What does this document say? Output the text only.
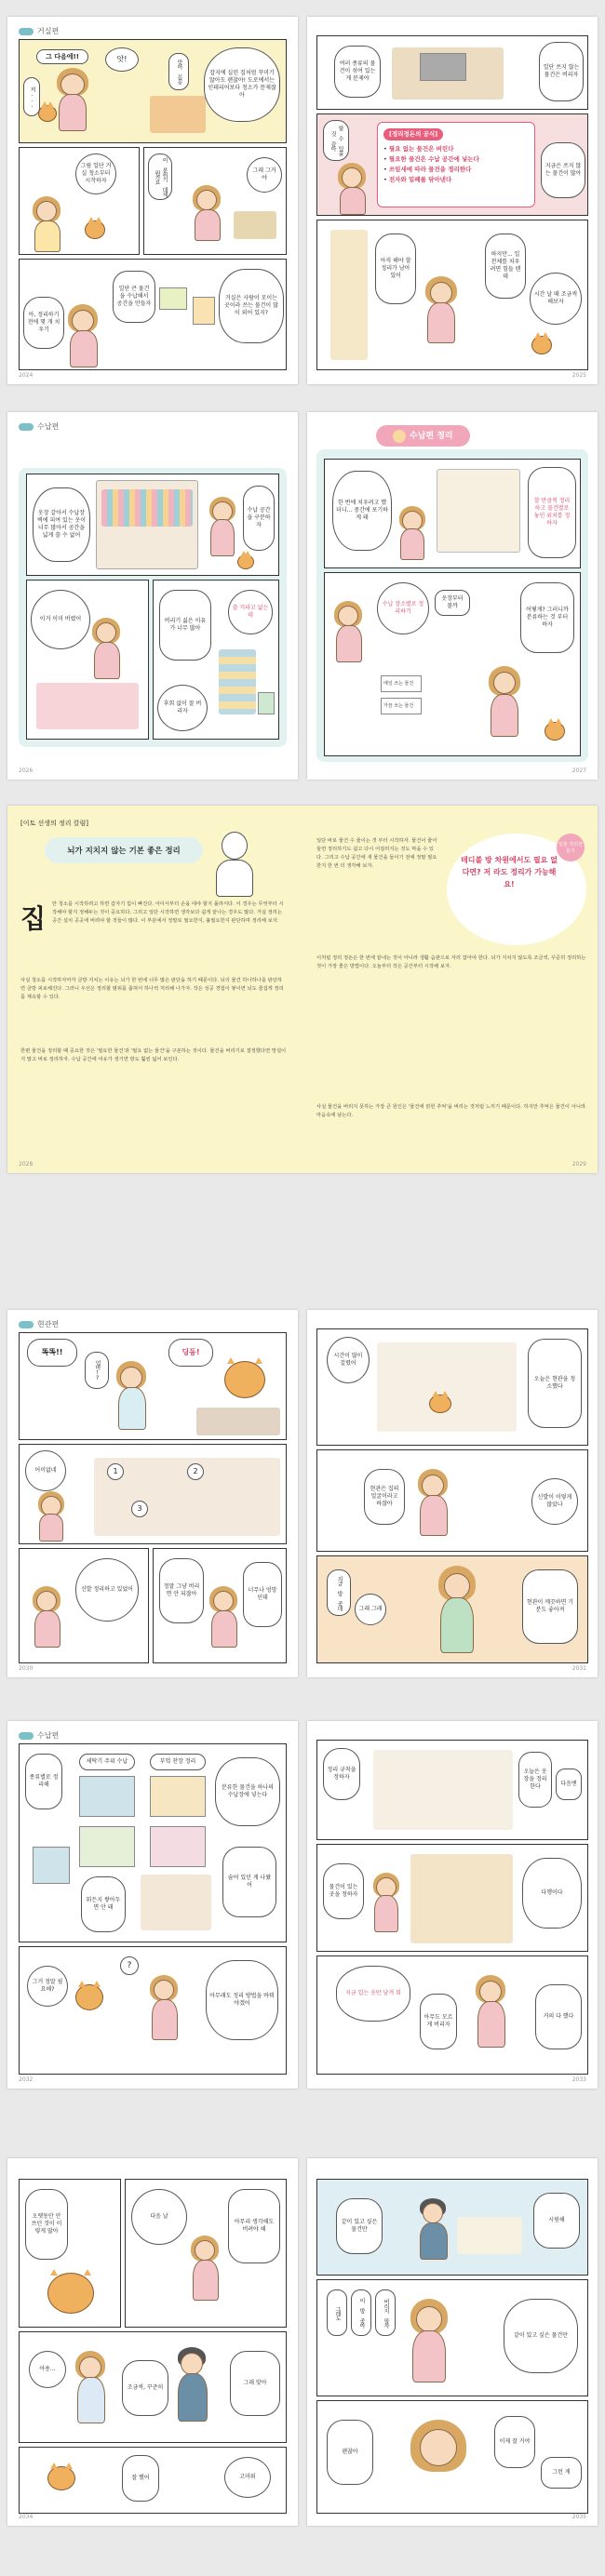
거실편
그 다음에!!
저...
앗!
잡지에 실린 집처럼 꾸미기 않아도 괜찮아! 도로에서는 인테리어보다 청소가 문제잖아
맞아 꽁꽁
그림 일단 거실 청소부터 시작하자	이 분위기 대체 뭔가요	그래 그거야
아, 정리하기 전에 몇 개 치우기
일단 큰 물건을 수납해서 공간을 만들자
거실은 사람이 모이는 곳이라 쓰는 물건이 많이 외어 있지?
2024
여러 종류의 물건이 섞여 있는 게 문제야
일단 쓰지 않는 물건은 버리자
할 수 있을 것 같아	[정리정돈의 공식]
• 필요 없는 물건은 버린다
• 필요한 물건은 수납 공간에 넣는다
• 쓰임새에 따라 물건을 정리한다
• 전자와 밀폐를 닦아낸다
지금은 쓰지 않는 물건이 많아
아직 해야 할 정리가 남아 있어
하지만... 일 전체를 치우려면 힘들 텐데
시간 날 때 조금씩 해보자
2025
수납편
옷장 같아서 수납장 벽에 피여 있는 옷이 너무 많아서 공간을 넓게 쓸 수 없어
수납 공간을 구분하자
이거 이미 버렸어	버리기 싫은 이유가 너무 많아
쓸 거라고 없는데
후회 없이 잘 버리자
2026
수납편 정리
한 번에 치우려고 했더니... 중간에 포기하게 돼
할 만큼씩 정리하고 물건별로 놓인 위치를 정하자
수납 장소별로 정리하기
옷장부터 볼까
어떻게? 그러니까 분류하는 것 부터 하자
매일 쓰는 물건
가끔 쓰는 물건
2027
[이토 선생의 정리 칼럼]
뇌가 지치지 않는 기본 좋은 정리
집 안 청소를 시작하려고 하면 갑자기 힘이 빠진다. 어디서부터 손을 대야 할지 몰라서다. 이 경우는 무엇부터 시작해야 할지 정해두는 것이 중요하다. 그리고 일단 시작하면 생각보다 쉽게 끝나는 경우도 많다. 거실 정리는 공간 설치 곳곳에 버려야 할 것들이 많다. 이 부분에서 정말로 필요한지, 불필요한지 판단하며 정리해 보자.
사실 청소를 시작하자마자 금방 지치는 이유는 뇌가 한 번에 너무 많은 판단을 하기 때문이다. 뇌의 물건 하나하나를 판단하면 금방 피로해진다. 그러니 우선은 정리할 범위를 좁혀서 하나씩 처리해 나가자. 작은 성공 경험이 쌓이면 뇌도 즐겁게 정리를 계속할 수 있다.
한편 물건을 정리할 때 중요한 것은 '필요한 물건'과 '필요 없는 물건'을 구분하는 것이다. 물건을 버리기로 결정했다면 망설이지 말고 바로 정리하자. 수납 공간에 여유가 생기면 방도 훨씬 넓어 보인다.
2028
일단 바로 물건 수 줄이는 것 부터 시작하자. 물건이 줄어들면 정리하기도 쉽고 다시 어질러지는 것도 막을 수 있다. 그리고 수납 공간에 새 물건을 들이기 전에 정말 필요한지 한 번 더 생각해 보자.
테디볼 방 차원에서도 필요 없다면? 저 라도 정리가 가능해요!
일본 정리전문가
이처럼 정리 정돈은 한 번에 끝내는 것이 아니라 생활 습관으로 자리 잡아야 한다. 뇌가 지치지 않도록 조금씩, 꾸준히 정리하는 것이 가장 좋은 방법이다. 오늘부터 작은 공간부터 시작해 보자.
사실 물건을 버리지 못하는 가장 큰 원인은 '물건에 얽힌 추억'을 버리는 것처럼 느끼기 때문이다. 하지만 추억은 물건이 아니라 마음속에 남는다.
2029
현관편
똑똑!!
엄마!?
딩동!
어이없네	1	2
3
신발 정리하고 있었어	정말 그냥 버리면 안 되잖아
너무나 엉망인데
2030
시간이 많이 걸렸어
오늘은 현관을 청소했다
현관은 집의 얼굴이라고 하잖아
신발이 이렇게 많았나
지금 방 좋네	그래 그래
현관이 깨끗하면 기분도 좋아져
2031
수납편
종류별로 정리해
세탁기 주위 수납	부엌 찬장 정리
분류한 물건을 하나의 수납장에 넣는다
뭐든지 쌓아두면 안 돼
숨어 있던 게 나왔어
그거 정말 필요해?
?
아무래도 정리 방법을 바꿔야겠어
2032
정리 규칙을 정하자
오늘은 옷장을 정리한다	다음엔
물건이 있는 곳을 정하자	다행이다
지금 입는 옷만 남겨 둬
아무도 모르게 버리자
거의 다 했다
2033
오랫동안 안 쓰던 것이 이렇게 많아
다음 날
아무리 생각해도 버려야 해
아용...
조금씩, 꾸준히
그래 맞아
잘 했어	고마워
2034
같이 있고 싶은 물건만
시원해
그래도	이 방 좋아	버리지 말자
같이 있고 싶은 물건만
괜찮아
이제 잘 거야
그런 게
2035
